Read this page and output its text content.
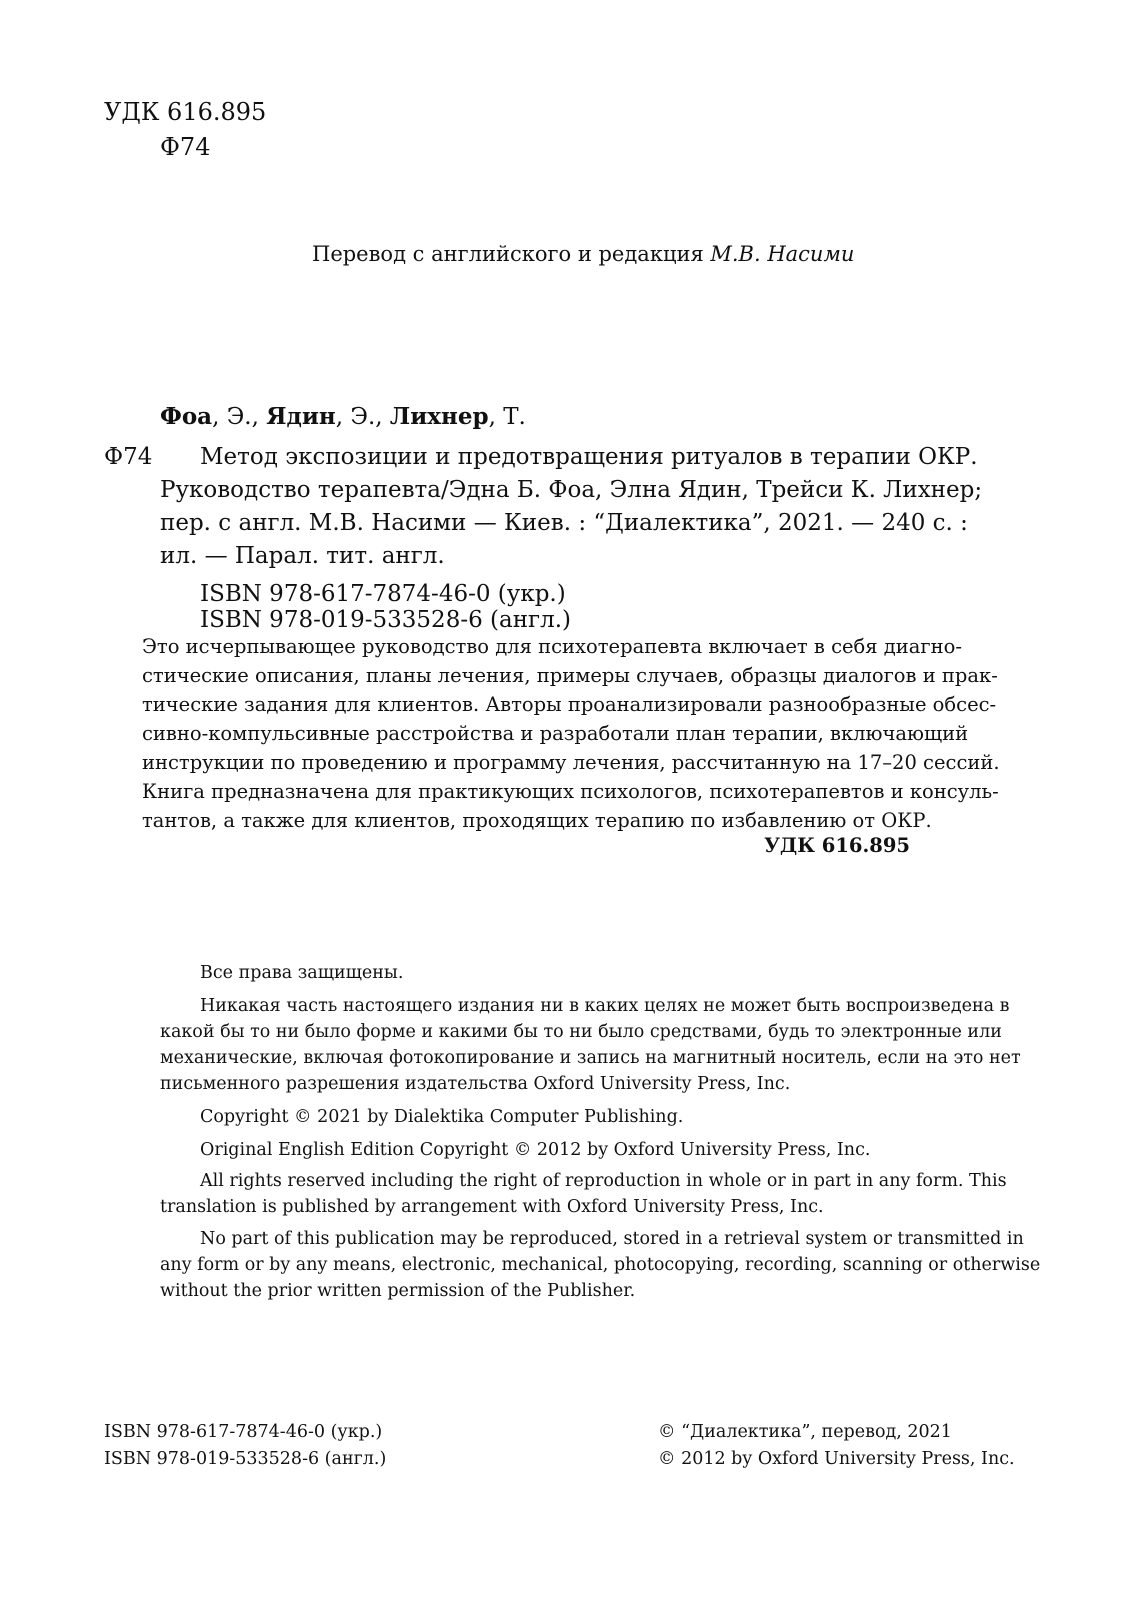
УДК 616.895
Ф74
Перевод с английского и редакция М.В. Насими
Фоа, Э., Ядин, Э., Лихнер, Т.
Ф74 Метод экспозиции и предотвращения ритуалов в терапии ОКР.
Руководство терапевта/Эдна Б. Фоа, Элна Ядин, Трейси К. Лихнер;
пер. с англ. М.В. Насими — Киев. : “Диалектика”, 2021. — 240 с. :
ил. — Парал. тит. англ.
ISBN 978-617-7874-46-0 (укр.)
ISBN 978-019-533528-6 (англ.)
Это исчерпывающее руководство для психотерапевта включает в себя диагно-
стические описания, планы лечения, примеры случаев, образцы диалогов и прак-
тические задания для клиентов. Авторы проанализировали разнообразные обсес-
сивно-компульсивные расстройства и разработали план терапии, включающий
инструкции по проведению и программу лечения, рассчитанную на 17–20 сессий.
Книга предназначена для практикующих психологов, психотерапевтов и консуль-
тантов, а также для клиентов, проходящих терапию по избавлению от ОКР.
УДК 616.895
Все права защищены.
Никакая часть настоящего издания ни в каких целях не может быть воспроизведена в
какой бы то ни было форме и какими бы то ни было средствами, будь то электронные или
механические, включая фотокопирование и запись на магнитный носитель, если на это нет
письменного разрешения издательства Oxford University Press, Inc.
Copyright © 2021 by Dialektika Computer Publishing.
Original English Edition Copyright © 2012 by Oxford University Press, Inc.
All rights reserved including the right of reproduction in whole or in part in any form. This
translation is published by arrangement with Oxford University Press, Inc.
No part of this publication may be reproduced, stored in a retrieval system or transmitted in
any form or by any means, electronic, mechanical, photocopying, recording, scanning or otherwise
without the prior written permission of the Publisher.
ISBN 978-617-7874-46-0 (укр.)
ISBN 978-019-533528-6 (англ.)
© “Диалектика”, перевод, 2021
© 2012 by Oxford University Press, Inc.
